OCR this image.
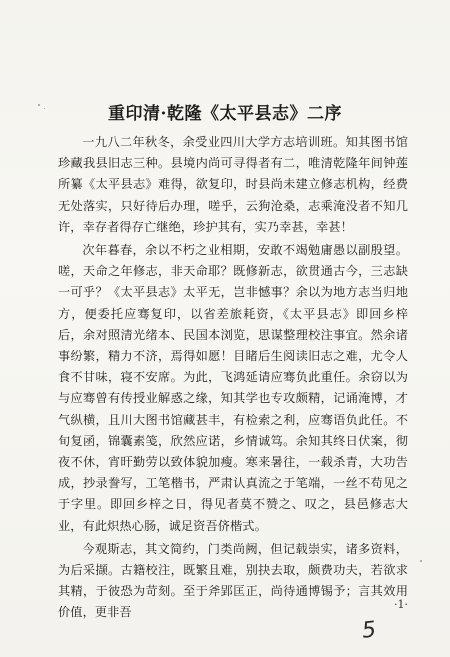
重印清·乾隆《太平县志》二序

一九八二年秋冬，余受业四川大学方志培训班。知其图书馆珍藏我县旧志三种。县境内尚可寻得者有二，唯清乾隆年间钟莲所纂《太平县志》难得，欲复印，时县尚未建立修志机构，经费无处落实，只好待后办理，嗟乎，云狗沧桑，志乘淹没者不知几许，幸存者得存亡继绝，珍护其有，实乃幸甚，幸甚！

次年暮春，余以不朽之业相期，安敢不竭勉庸愚以副殷望。嗟，天命之年修志，非天命耶？既修新志，欲贯通古今，三志缺一可乎？《太平县志》太平无，岂非憾事？余以为地方志当归地方，便委托应骞复印，以省差旅耗资，《太平县志》即回乡梓后，余对照清光绪本、民国本浏览，思谋整理校注事宜。然余诸事纷繁，精力不济，焉得如愿！目睹后生阅读旧志之难，尤令人食不甘味，寝不安席。为此，飞鸿延请应骞负此重任。余窃以为与应骞曾有传授业解惑之缘，知其学也专攻颇精，记诵淹博，才气纵横，且川大图书馆藏甚丰，有检索之利，应骞语负此任。不旬复函，锦囊素笺，欣然应诺，乡情诚笃。余知其终日伏案，彻夜不休，宵旰勤劳以致体貌加瘦。寒来暑往，一载杀青，大功告成，抄录誊写，工笔楷书，严肃认真流之于笔端，一丝不苟见之于字里。即回乡梓之日，得见者莫不赞之、叹之，县邑修志大业，有此炽热心肠，诚足资吾侪楷式。

今观斯志，其文简约，门类尚阙，但记载崇实，诸多资料，为后采撷。古籍校注，既繁且难，别抉去取，颇费功夫，若欲求其精，于彼恐为苛刻。至于斧郢匡正，尚待通博锡予；言其效用价值，更非吾

·1·
5
